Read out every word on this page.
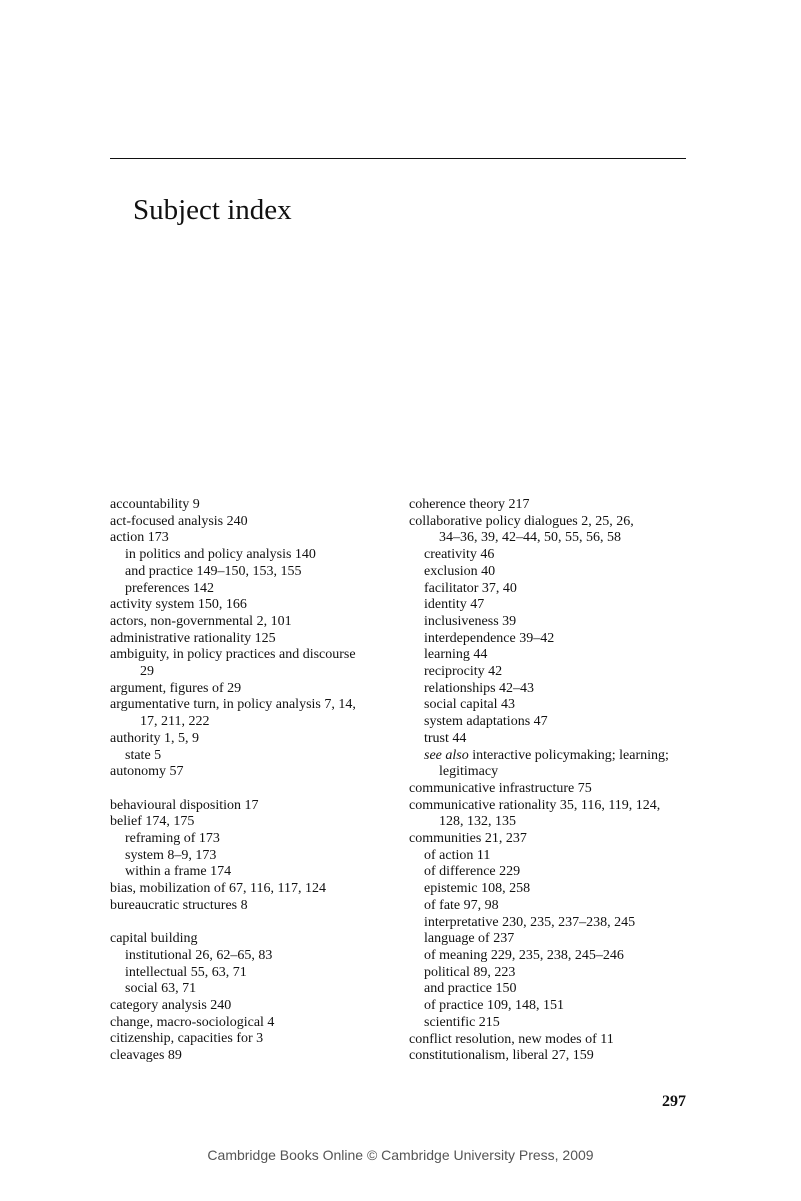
Subject index
accountability 9
act-focused analysis 240
action 173
in politics and policy analysis 140
and practice 149–150, 153, 155
preferences 142
activity system 150, 166
actors, non-governmental 2, 101
administrative rationality 125
ambiguity, in policy practices and discourse
29
argument, figures of 29
argumentative turn, in policy analysis 7, 14,
17, 211, 222
authority 1, 5, 9
state 5
autonomy 57
behavioural disposition 17
belief 174, 175
reframing of 173
system 8–9, 173
within a frame 174
bias, mobilization of 67, 116, 117, 124
bureaucratic structures 8
capital building
institutional 26, 62–65, 83
intellectual 55, 63, 71
social 63, 71
category analysis 240
change, macro-sociological 4
citizenship, capacities for 3
cleavages 89
coherence theory 217
collaborative policy dialogues 2, 25, 26,
34–36, 39, 42–44, 50, 55, 56, 58
creativity 46
exclusion 40
facilitator 37, 40
identity 47
inclusiveness 39
interdependence 39–42
learning 44
reciprocity 42
relationships 42–43
social capital 43
system adaptations 47
trust 44
see also interactive policymaking; learning;
legitimacy
communicative infrastructure 75
communicative rationality 35, 116, 119, 124,
128, 132, 135
communities 21, 237
of action 11
of difference 229
epistemic 108, 258
of fate 97, 98
interpretative 230, 235, 237–238, 245
language of 237
of meaning 229, 235, 238, 245–246
political 89, 223
and practice 150
of practice 109, 148, 151
scientific 215
conflict resolution, new modes of 11
constitutionalism, liberal 27, 159
297
Cambridge Books Online © Cambridge University Press, 2009
